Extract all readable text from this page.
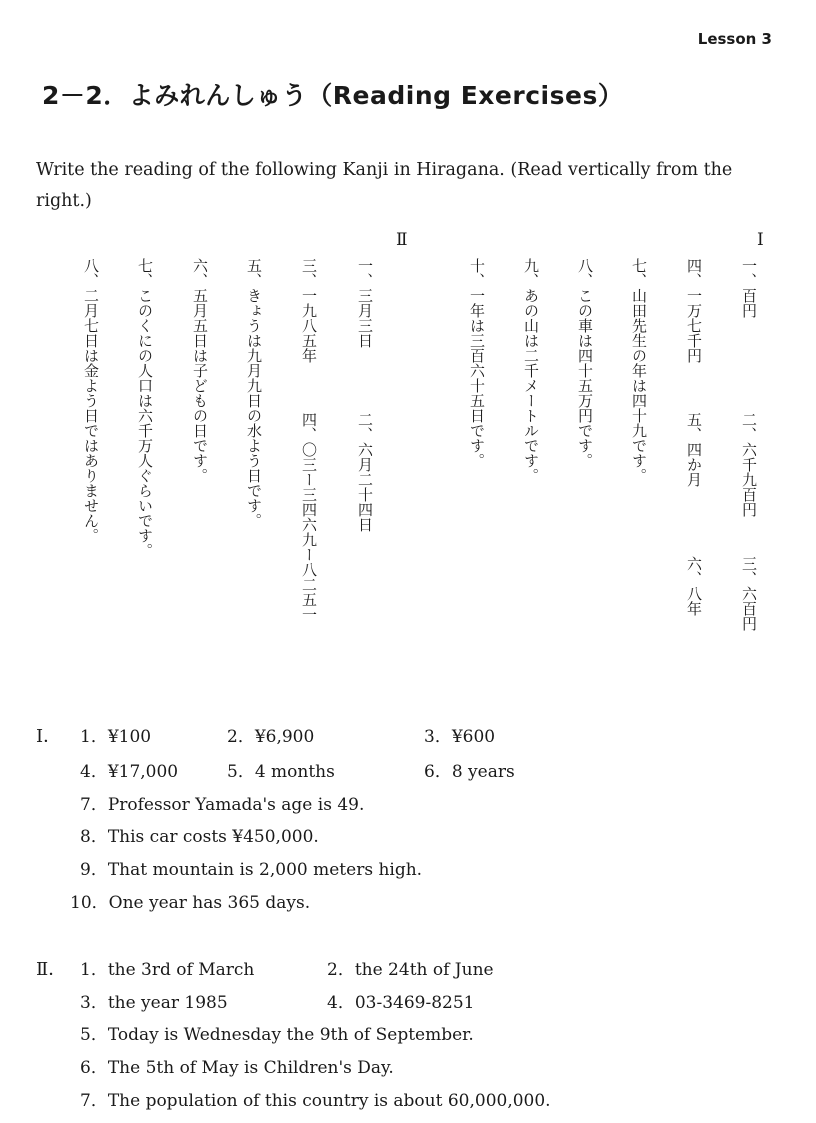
Lesson 3
2－2．よみれんしゅう（Reading Exercises）
Write the reading of the following Kanji in Hiragana. (Read vertically from the right.)
Ⅰ
一、百円
二、六千九百円
三、六百円
四、一万七千円
五、四か月
六、八年
七、山田先生の年は四十九です。
八、この車は四十五万円です。
九、あの山は二千メートルです。
十、一年は三百六十五日です。
Ⅱ
一、三月三日
二、六月二十四日
三、一九八五年
四、〇三ー三四六九ー八二五一
五、きょうは九月九日の水よう日です。
六、五月五日は子どもの日です。
七、このくにの人口は六千万人ぐらいです。
八、二月七日は金よう日ではありません。
Ⅰ． 1．¥100	2．¥6,900	3．¥600
4．¥17,000	5．4 months	6．8 years
7．Professor Yamada's age is 49.
8．This car costs ¥450,000.
9．That mountain is 2,000 meters high.
10．One year has 365 days.
Ⅱ． 1．the 3rd of March	2．the 24th of June
3．the year 1985	4．03-3469-8251
5．Today is Wednesday the 9th of September.
6．The 5th of May is Children's Day.
7．The population of this country is about 60,000,000.
